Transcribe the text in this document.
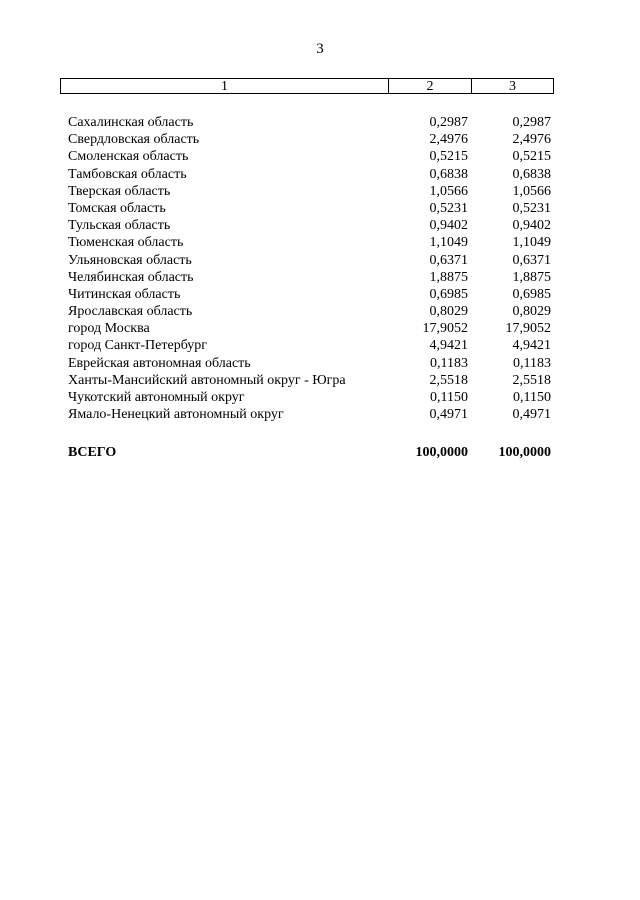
3
1	2	3
Сахалинская область	0,2987	0,2987
Свердловская область	2,4976	2,4976
Смоленская область	0,5215	0,5215
Тамбовская область	0,6838	0,6838
Тверская область	1,0566	1,0566
Томская область	0,5231	0,5231
Тульская область	0,9402	0,9402
Тюменская область	1,1049	1,1049
Ульяновская область	0,6371	0,6371
Челябинская область	1,8875	1,8875
Читинская область	0,6985	0,6985
Ярославская область	0,8029	0,8029
город Москва	17,9052	17,9052
город Санкт-Петербург	4,9421	4,9421
Еврейская автономная область	0,1183	0,1183
Ханты-Мансийский автономный округ - Югра	2,5518	2,5518
Чукотский автономный округ	0,1150	0,1150
Ямало-Ненецкий автономный округ	0,4971	0,4971
ВСЕГО	100,0000 100,0000
